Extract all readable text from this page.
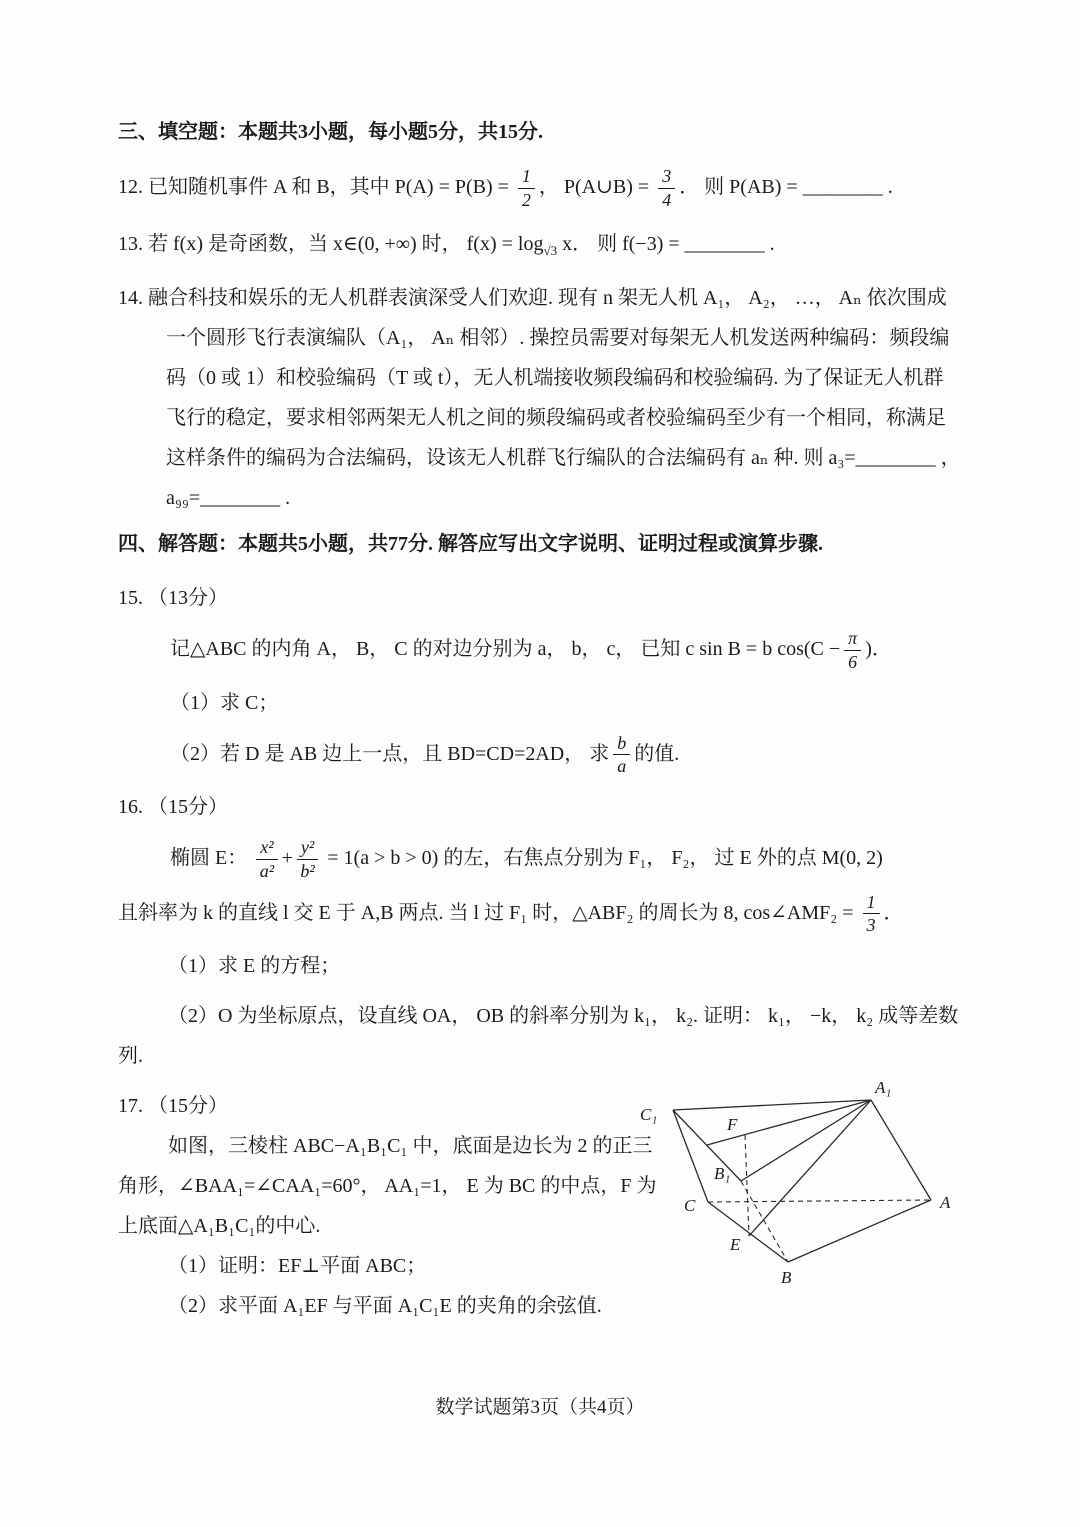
三、填空题：本题共3小题，每小题5分，共15分.

12. 已知随机事件 A 和 B，其中 $P(A) = P(B) = \frac{1}{2}$ ， P(A∪B) = $\frac{3}{4}$ ． 则 P(AB) = ________ .

13. 若 f(x) 是奇函数，当 x∈(0, +∞) 时， $f(x) = \log_{√3} x$． 则 f(−3) = ________ .

14. 融合科技和娱乐的无人机群表演深受人们欢迎. 现有 n 架无人机 A₁， A₂， …， Aₙ 依次围成一个圆形飞行表演编队（A₁， Aₙ 相邻）. 操控员需要对每架无人机发送两种编码：频段编码（0 或 1）和校验编码（T 或 t），无人机端接收频段编码和校验编码. 为了保证无人机群飞行的稳定，要求相邻两架无人机之间的频段编码或者校验编码至少有一个相同，称满足这样条件的编码为合法编码，设该无人机群飞行编队的合法编码有 aₙ 种. 则 a₃=________ ， a₉₉=________ .

四、解答题：本题共5小题，共77分. 解答应写出文字说明、证明过程或演算步骤.

15. （13分）

记△ABC 的内角 A， B， C 的对边分别为 a， b， c， 已知 c sin B = b $\cos(C - \frac{\pi}{6}$ )．

（1）求 C；

（2）若 D 是 AB 边上一点，且 BD=CD=2AD， 求 $\frac{b}{a}$ 的值.

16. （15分）

椭圆 E： $\frac{\text{x²}}{\text{a²}} + \frac{\text{y²}}{\text{b²}} = 1(a > b > 0)$ 的左，右焦点分别为 F₁， F₂， 过 E 外的点 M(0, 2)

且斜率为 k 的直线 l 交 E 于 A,B 两点. 当 l 过 F₁ 时，△ABF₂ 的周长为 8, cos∠AMF₂ = $\frac{1}{3}$ ．

（1）求 E 的方程；

（2）O 为坐标原点，设直线 OA， OB 的斜率分别为 k₁， k₂. 证明： k₁， −k， k₂ 成等差数列.

17. （15分）

如图，三棱柱 ABC−A₁B₁C₁ 中，底面是边长为 2 的正三角形，∠BAA₁=∠CAA₁=60°， AA₁=1， E 为 BC 的中点，F 为上底面△A₁B₁C₁的中心.

（1）证明：EF⊥平面 ABC；

（2）求平面 A₁EF 与平面 A₁C₁E 的夹角的余弦值.

C₁
A₁
F
B₁
C	A
E
B

数学试题第3页（共4页）
